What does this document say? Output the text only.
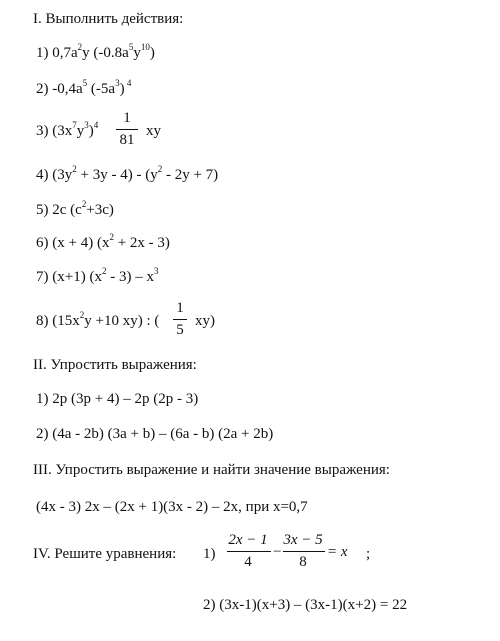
I. Выполнить действия:
1) $0,7a^2y$ $(-0.8a^5y^{10})$
2) $-0,4a^5$ $(-5a^3)$ $^4$
3) $(3x^7y^3)^4$	1
81
xy
4) $(3y^2 + 3y - 4) - (y^2 - 2y + 7)$
5) 2c $(c^2+3c)$
6) (x + 4) $(x^2 + 2x - 3)$
7) (x+1) $(x^2 - 3) - x^3$
8) ($15x^2y +10$ xy) : (
1
5
xy)
II. Упростить выражения:
1) 2p (3p + 4) – 2p (2p - 3)
2) (4a - 2b) (3a + b) – (6a - b) (2a + 2b)
III. Упростить выражение и найти значение выражения:
(4x - 3) 2x – (2x + 1)(3x - 2) – 2x, при x=0,7
IV. Решите уравнения: 1)
2x − 1
4
−
3x − 5
8
= x ;
2) (3x-1)(x+3) – (3x-1)(x+2) = 22
